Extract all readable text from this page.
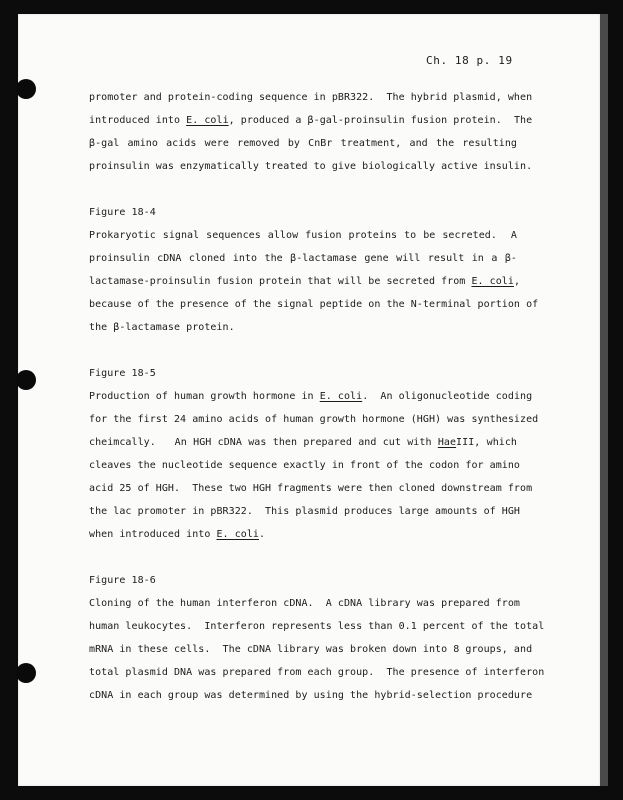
Ch. 18 p. 19
promoter and protein-coding sequence in pBR322.  The hybrid plasmid, when
introduced into E. coli, produced a β-gal-proinsulin fusion protein.  The
β-gal amino acids were removed by CnBr treatment, and the resulting
proinsulin was enzymatically treated to give biologically active insulin.
Figure 18-4
Prokaryotic signal sequences allow fusion proteins to be secreted.  A
proinsulin cDNA cloned into the β-lactamase gene will result in a β-
lactamase-proinsulin fusion protein that will be secreted from E. coli,
because of the presence of the signal peptide on the N-terminal portion of
the β-lactamase protein.
Figure 18-5
Production of human growth hormone in E. coli.  An oligonucleotide coding
for the first 24 amino acids of human growth hormone (HGH) was synthesized
cheimcally.   An HGH cDNA was then prepared and cut with HaeIII, which
cleaves the nucleotide sequence exactly in front of the codon for amino
acid 25 of HGH.  These two HGH fragments were then cloned downstream from
the lac promoter in pBR322.  This plasmid produces large amounts of HGH
when introduced into E. coli.
Figure 18-6
Cloning of the human interferon cDNA.  A cDNA library was prepared from
human leukocytes.  Interferon represents less than 0.1 percent of the total
mRNA in these cells.  The cDNA library was broken down into 8 groups, and
total plasmid DNA was prepared from each group.  The presence of interferon
cDNA in each group was determined by using the hybrid-selection procedure
